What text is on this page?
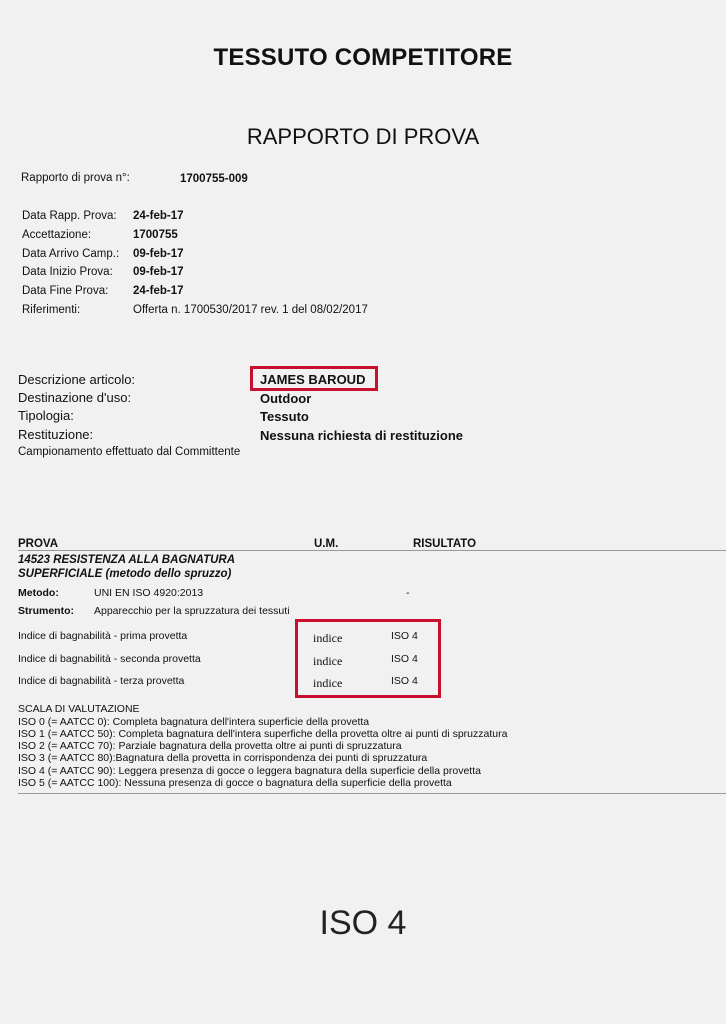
TESSUTO COMPETITORE
RAPPORTO DI PROVA
Rapporto di prova n°:	1700755-009
Data Rapp. Prova: 24-feb-17
Accettazione:	1700755
Data Arrivo Camp.: 09-feb-17
Data Inizio Prova: 09-feb-17
Data Fine Prova: 24-feb-17
Riferimenti:	Offerta n. 1700530/2017 rev. 1 del 08/02/2017
Descrizione articolo:	JAMES BAROUD
Destinazione d'uso:	Outdoor
Tipologia:	Tessuto
Restituzione:	Nessuna richiesta di restituzione
Campionamento effettuato dal Committente
PROVA	U.M.	RISULTATO
14523 RESISTENZA ALLA BAGNATURA
SUPERFICIALE (metodo dello spruzzo)
Metodo:	UNI EN ISO 4920:2013	-
Strumento: Apparecchio per la spruzzatura dei tessuti
Indice di bagnabilità - prima provetta	indice	ISO 4
Indice di bagnabilità - seconda provetta	indice	ISO 4
Indice di bagnabilità - terza provetta	indice	ISO 4
SCALA DI VALUTAZIONE
ISO 0 (= AATCC 0): Completa bagnatura dell'intera superficie della provetta
ISO 1 (= AATCC 50): Completa bagnatura dell'intera superfiche della provetta oltre ai punti di spruzzatura
ISO 2 (= AATCC 70): Parziale bagnatura della provetta oltre ai punti di spruzzatura
ISO 3 (= AATCC 80):Bagnatura della provetta in corrispondenza dei punti di spruzzatura
ISO 4 (= AATCC 90): Leggera presenza di gocce o leggera bagnatura della superficie della provetta
ISO 5 (= AATCC 100): Nessuna presenza di gocce o bagnatura della superficie della provetta
ISO 4
